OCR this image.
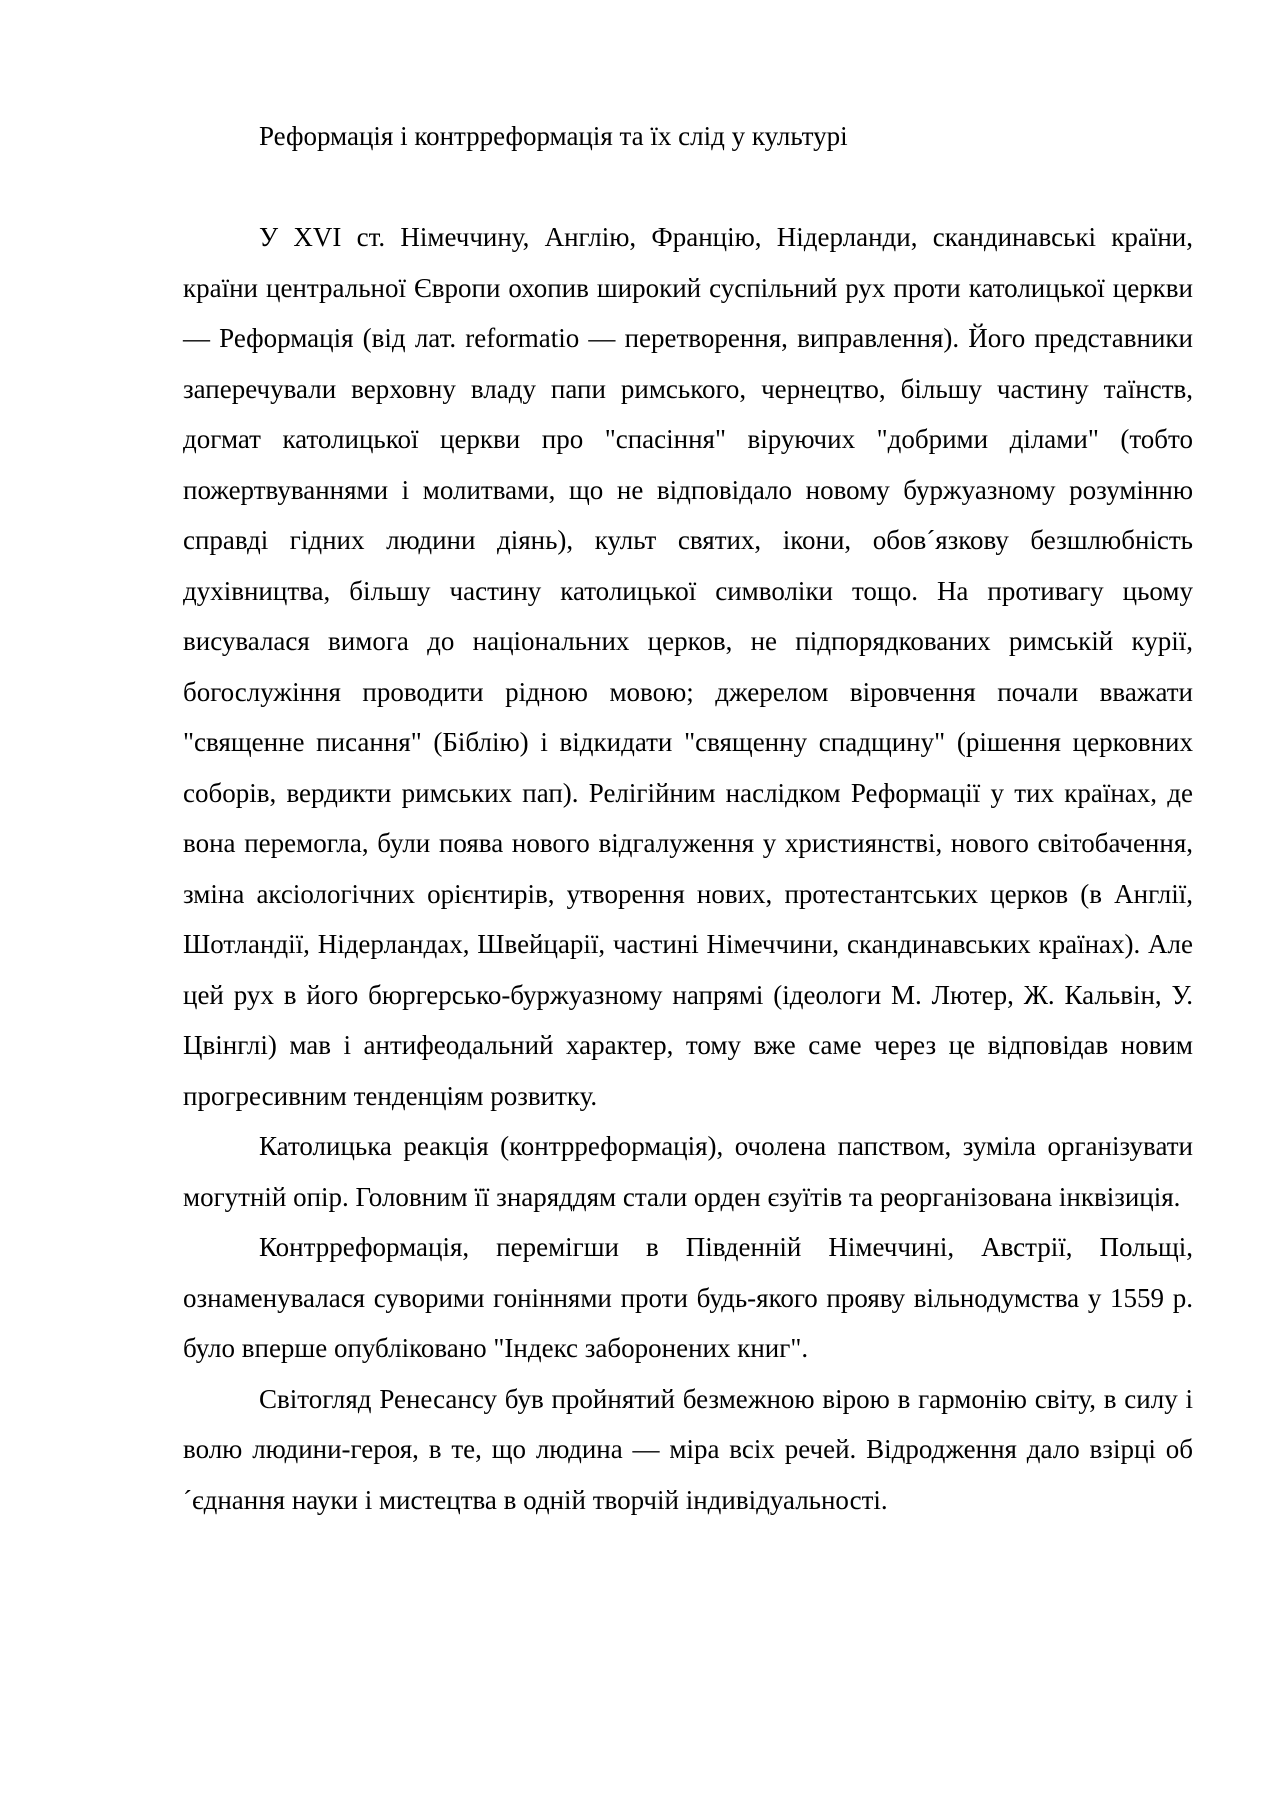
Реформація і контрреформація та їх слід у культурі

У XVI ст. Німеччину, Англію, Францію, Нідерланди, скандинавські країни, країни центральної Європи охопив широкий суспільний рух проти католицької церкви — Реформація (від лат. reformatio — перетворення, виправлення). Його представники заперечували верховну владу папи римського, чернецтво, більшу частину таїнств, догмат католицької церкви про "спасіння" віруючих "добрими ділами" (тобто пожертвуваннями і молитвами, що не відповідало новому буржуазному розумінню справді гідних людини діянь), культ святих, ікони, обов´язкову безшлюбність духівництва, більшу частину католицької символіки тощо. На противагу цьому висувалася вимога до національних церков, не підпорядкованих римській курії, богослужіння проводити рідною мовою; джерелом віровчення почали вважати "священне писання" (Біблію) і відкидати "священну спадщину" (рішення церковних соборів, вердикти римських пап). Релігійним наслідком Реформації у тих країнах, де вона перемогла, були поява нового відгалуження у християнстві, нового світобачення, зміна аксіологічних орієнтирів, утворення нових, протестантських церков (в Англії, Шотландії, Нідерландах, Швейцарії, частині Німеччини, скандинавських країнах). Але цей рух в його бюргерсько-буржуазному напрямі (ідеологи М. Лютер, Ж. Кальвін, У. Цвінглі) мав і антифеодальний характер, тому вже саме через це відповідав новим прогресивним тенденціям розвитку.

Католицька реакція (контрреформація), очолена папством, зуміла організувати могутній опір. Головним її знаряддям стали орден єзуїтів та реорганізована інквізиція.

Контрреформація, перемігши в Південній Німеччині, Австрії, Польщі, ознаменувалася суворими гоніннями проти будь-якого прояву вільнодумства у 1559 р. було вперше опубліковано "Індекс заборонених книг".

Світогляд Ренесансу був пройнятий безмежною вірою в гармонію світу, в силу і волю людини-героя, в те, що людина — міра всіх речей. Відродження дало взірці об´єднання науки і мистецтва в одній творчій індивідуальності.
